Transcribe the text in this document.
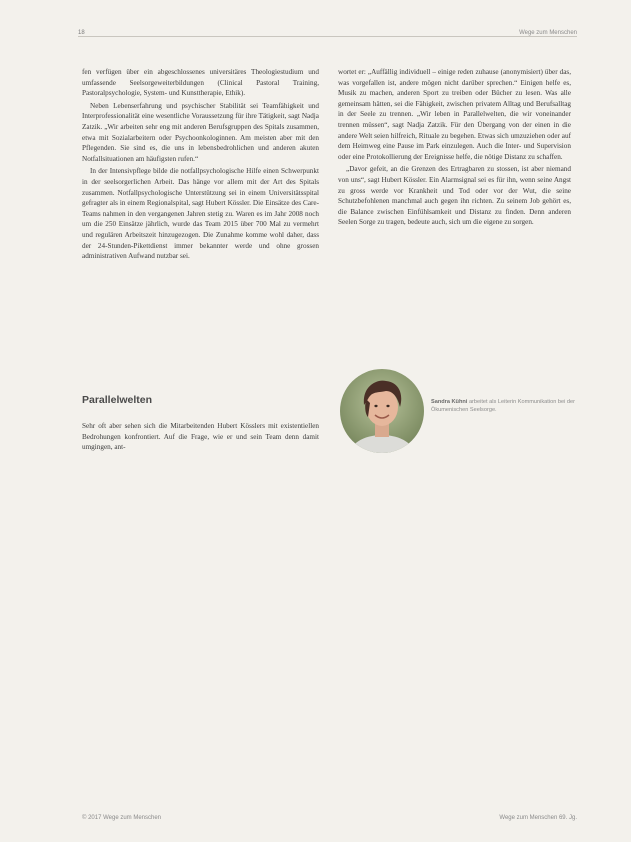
18	Wege zum Menschen

fen verfügen über ein abgeschlossenes universitäres Theologiestudium und umfassende Seelsorgeweiterbildungen (Clinical Pastoral Training, Pastoralpsychologie, System- und Kunsttherapie, Ethik).

Neben Lebenserfahrung und psychischer Stabilität sei Teamfähigkeit und Interprofessionalität eine wesentliche Voraussetzung für ihre Tätigkeit, sagt Nadja Zatzik. „Wir arbeiten sehr eng mit anderen Berufsgruppen des Spitals zusammen, etwa mit Sozialarbeitern oder Psychoonkologinnen. Am meisten aber mit den Pflegenden. Sie sind es, die uns in lebensbedrohlichen und anderen akuten Notfallsituationen am häufigsten rufen.“

In der Intensivpflege bilde die notfallpsychologische Hilfe einen Schwerpunkt in der seelsorgerlichen Arbeit. Das hänge vor allem mit der Art des Spitals zusammen. Notfallpsychologische Unterstützung sei in einem Universitätsspital gefragter als in einem Regionalspital, sagt Hubert Kössler. Die Einsätze des Care-Teams nahmen in den vergangenen Jahren stetig zu. Waren es im Jahr 2008 noch um die 250 Einsätze jährlich, wurde das Team 2015 über 700 Mal zu vermehrt und regulären Arbeitszeit hinzugezogen. Die Zunahme komme wohl daher, dass der 24-Stunden-Pikettdienst immer bekannter werde und ohne grossen administrativen Aufwand nutzbar sei.

Parallelwelten

Sehr oft aber sehen sich die Mitarbeitenden Hubert Kösslers mit existentiellen Bedrohungen konfrontiert. Auf die Frage, wie er und sein Team denn damit umgingen, ant-

wortet er: „Auffällig individuell – einige reden zuhause (anonymisiert) über das, was vorgefallen ist, andere mögen nicht darüber sprechen.“ Einigen helfe es, Musik zu machen, anderen Sport zu treiben oder Bücher zu lesen. Was alle gemeinsam hätten, sei die Fähigkeit, zwischen privatem Alltag und Berufsalltag in der Seele zu trennen. „Wir leben in Parallelwelten, die wir voneinander trennen müssen“, sagt Nadja Zatzik. Für den Übergang von der einen in die andere Welt seien hilfreich, Rituale zu begehen. Etwas sich umzuziehen oder auf dem Heimweg eine Pause im Park einzulegen. Auch die Inter- und Supervision oder eine Protokollierung der Ereignisse helfe, die nötige Distanz zu schaffen.

„Davor gefeit, an die Grenzen des Ertragbaren zu stossen, ist aber niemand von uns“, sagt Hubert Kössler. Ein Alarmsignal sei es für ihn, wenn seine Angst zu gross werde vor Krankheit und Tod oder vor der Wut, die seine Schutzbefohlenen manchmal auch gegen ihn richten. Zu seinem Job gehört es, die Balance zwischen Einfühlsamkeit und Distanz zu finden. Denn anderen Seelen Sorge zu tragen, bedeute auch, sich um die eigene zu sorgen.

Sandra Kühni arbeitet als Leiterin Kommunikation bei der Ökumenischen Seelsorge.
© 2017 Wege zum Menschen	Wege zum Menschen 69. Jg.
